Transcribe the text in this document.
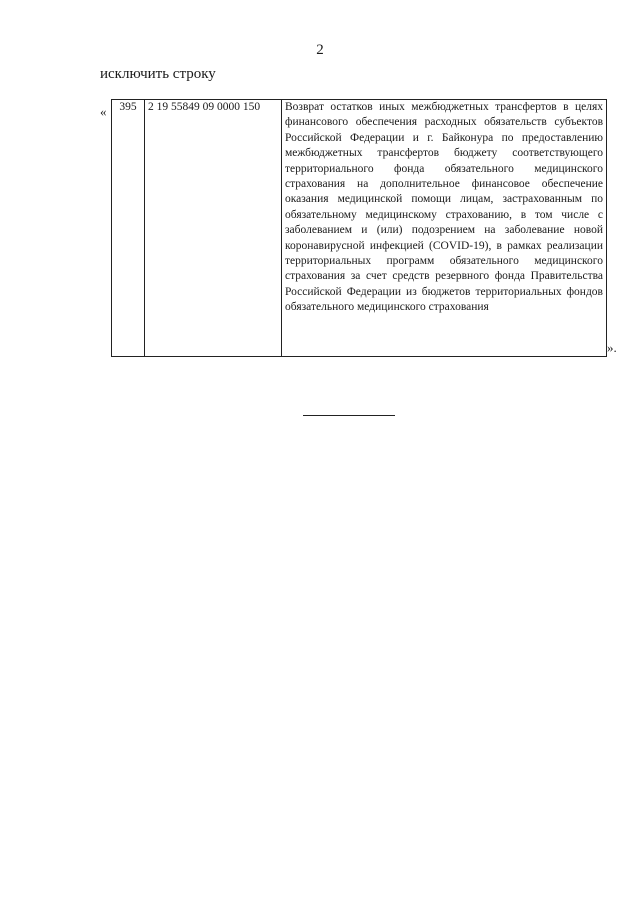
2
исключить строку
« 395	2 19 55849 09 0000 150	Возврат остатков иных межбюджетных трансфертов в целях финансового обеспечения расходных обязательств субъектов Российской Федерации и г. Байконура по предоставлению межбюджетных трансфертов бюджету соответствующего территориального фонда обязательного медицинского страхования на дополнительное финансовое обеспечение оказания медицинской помощи лицам, застрахованным по обязательному медицинскому страхованию, в том числе с заболеванием и (или) подозрением на заболевание новой коронавирусной инфекцией (COVID-19), в рамках реализации территориальных программ обязательного медицинского страхования за счет средств резервного фонда Правительства Российской Федерации из бюджетов территориальных фондов обязательного медицинского страхования
».
